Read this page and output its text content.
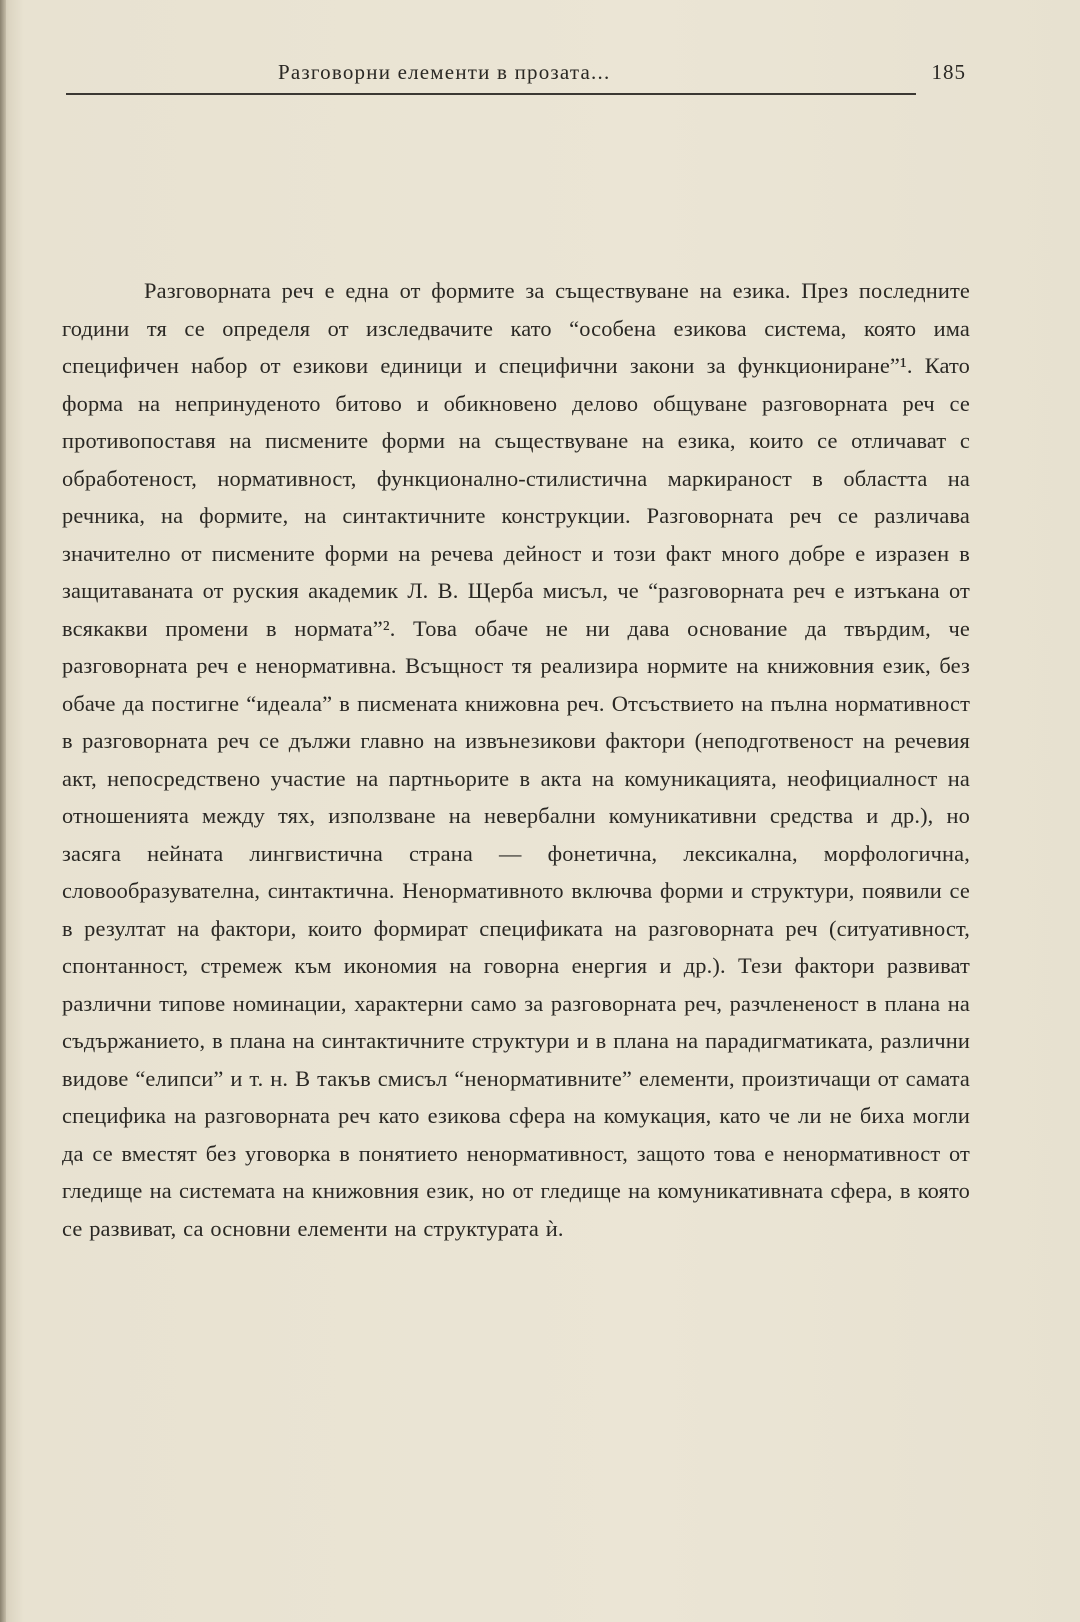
Разговорни елементи в прозата...	185

Разговорната реч е една от формите за съществуване на езика. През последните години тя се определя от изследвачите като “особена езикова система, която има специфичен набор от езикови единици и специфични закони за функциониране”¹. Като форма на непринуденото битово и обикновено делово общуване разговорната реч се противопоставя на писмените форми на съществуване на езика, които се отличават с обработеност, нормативност, функционално-стилистична маркираност в областта на речника, на формите, на синтактичните конструкции. Разговорната реч се различава значително от писмените форми на речева дейност и този факт много добре е изразен в защитаваната от руския академик Л. В. Щерба мисъл, че “разговорната реч е изтъкана от всякакви промени в нормата”². Това обаче не ни дава основание да твърдим, че разговорната реч е ненормативна. Всъщност тя реализира нормите на книжовния език, без обаче да постигне “идеала” в писмената книжовна реч. Отсъствието на пълна нормативност в разговорната реч се дължи главно на извънезикови фактори (неподготвеност на речевия акт, непосредствено участие на партньорите в акта на комуникацията, неофициалност на отношенията между тях, използване на невербални комуникативни средства и др.), но засяга нейната лингвистична страна — фонетична, лексикална, морфологична, словообразувателна, синтактична. Ненормативното включва форми и структури, появили се в резултат на фактори, които формират спецификата на разговорната реч (ситуативност, спонтанност, стремеж към икономия на говорна енергия и др.). Тези фактори развиват различни типове номинации, характерни само за разговорната реч, разчлененост в плана на съдържанието, в плана на синтактичните структури и в плана на парадигматиката, различни видове “елипси” и т. н. В такъв смисъл “ненормативните” елементи, произтичащи от самата специфика на разговорната реч като езикова сфера на комукация, като че ли не биха могли да се вместят без уговорка в понятието ненормативност, защото това е ненормативност от гледище на системата на книжовния език, но от гледище на комуникативната сфера, в която се развиват, са основни елементи на структурата ѝ.
